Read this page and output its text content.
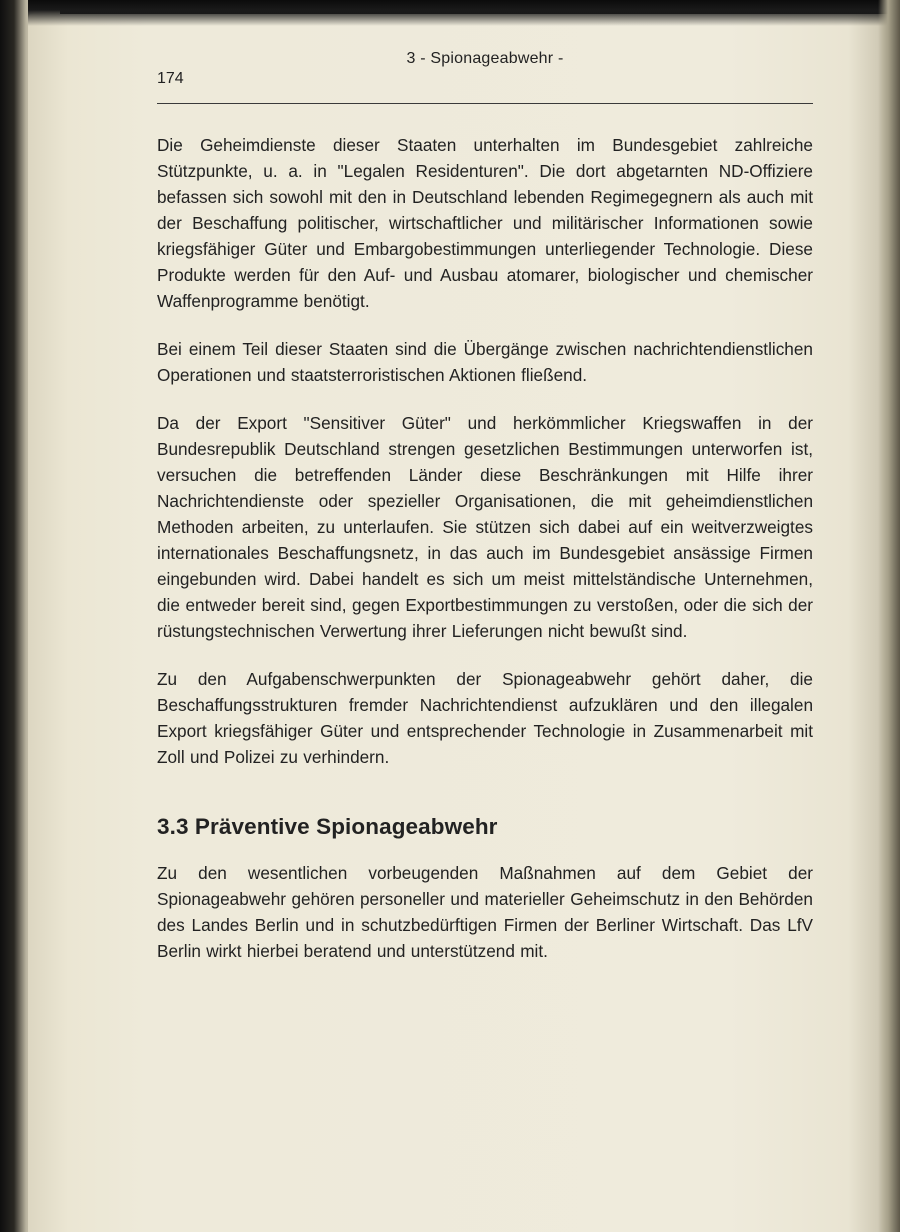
3 - Spionageabwehr -
174

Die Geheimdienste dieser Staaten unterhalten im Bundesgebiet zahlreiche Stützpunkte, u. a. in "Legalen Residenturen". Die dort abgetarnten ND-Offiziere befassen sich sowohl mit den in Deutschland lebenden Regimegegnern als auch mit der Beschaffung politischer, wirtschaftlicher und militärischer Informationen sowie kriegsfähiger Güter und Embargobestimmungen unterliegender Technologie. Diese Produkte werden für den Auf- und Ausbau atomarer, biologischer und chemischer Waffenprogramme benötigt.

Bei einem Teil dieser Staaten sind die Übergänge zwischen nachrichtendienstlichen Operationen und staatsterroristischen Aktionen fließend.

Da der Export "Sensitiver Güter" und herkömmlicher Kriegswaffen in der Bundesrepublik Deutschland strengen gesetzlichen Bestimmungen unterworfen ist, versuchen die betreffenden Länder diese Beschränkungen mit Hilfe ihrer Nachrichtendienste oder spezieller Organisationen, die mit geheimdienstlichen Methoden arbeiten, zu unterlaufen. Sie stützen sich dabei auf ein weitverzweigtes internationales Beschaffungsnetz, in das auch im Bundesgebiet ansässige Firmen eingebunden wird. Dabei handelt es sich um meist mittelständische Unternehmen, die entweder bereit sind, gegen Exportbestimmungen zu verstoßen, oder die sich der rüstungstechnischen Verwertung ihrer Lieferungen nicht bewußt sind.

Zu den Aufgabenschwerpunkten der Spionageabwehr gehört daher, die Beschaffungsstrukturen fremder Nachrichtendienst aufzuklären und den illegalen Export kriegsfähiger Güter und entsprechender Technologie in Zusammenarbeit mit Zoll und Polizei zu verhindern.

3.3 Präventive Spionageabwehr

Zu den wesentlichen vorbeugenden Maßnahmen auf dem Gebiet der Spionageabwehr gehören personeller und materieller Geheimschutz in den Behörden des Landes Berlin und in schutzbedürftigen Firmen der Berliner Wirtschaft. Das LfV Berlin wirkt hierbei beratend und unterstützend mit.
